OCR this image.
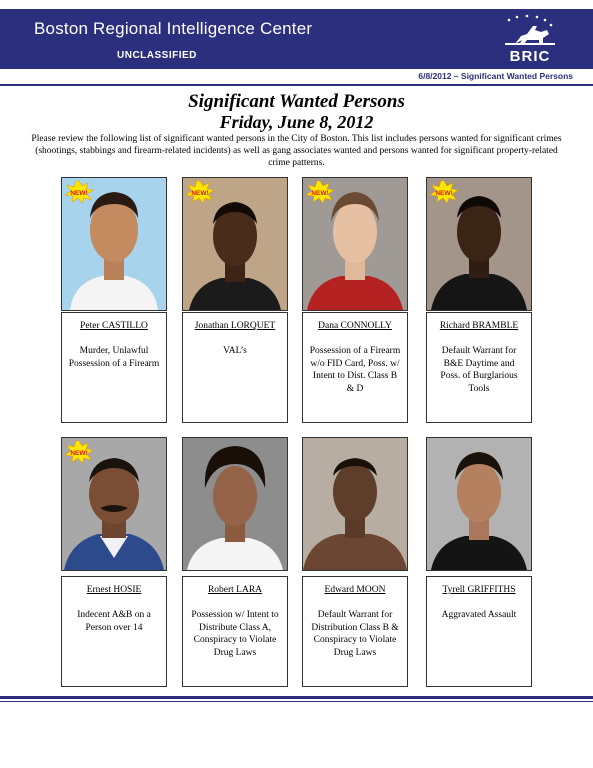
Boston Regional Intelligence Center
UNCLASSIFIED	BRIC
6/8/2012 – Significant Wanted Persons
Significant Wanted Persons
Friday, June 8, 2012
Please review the following list of significant wanted persons in the City of Boston. This list includes persons wanted for significant crimes (shootings, stabbings and firearm-related incidents) as well as gang associates wanted and persons wanted for significant property-related crime patterns.
NEW!	NEW!	NEW!	NEW!
Peter CASTILLO
Murder, Unlawful Possession of a Firearm
Jonathan LORQUET
VAL’s
Dana CONNOLLY
Possession of a Firearm w/o FID Card, Poss. w/ Intent to Dist. Class B & D
Richard BRAMBLE
Default Warrant for B&E Daytime and Poss. of Burglarious Tools
NEW!
Ernest HOSIE
Indecent A&B on a Person over 14
Robert LARA
Possession w/ Intent to Distribute Class A, Conspiracy to Violate Drug Laws
Edward MOON
Default Warrant for Distribution Class B & Conspiracy to Violate Drug Laws
Tyrell GRIFFITHS
Aggravated Assault
